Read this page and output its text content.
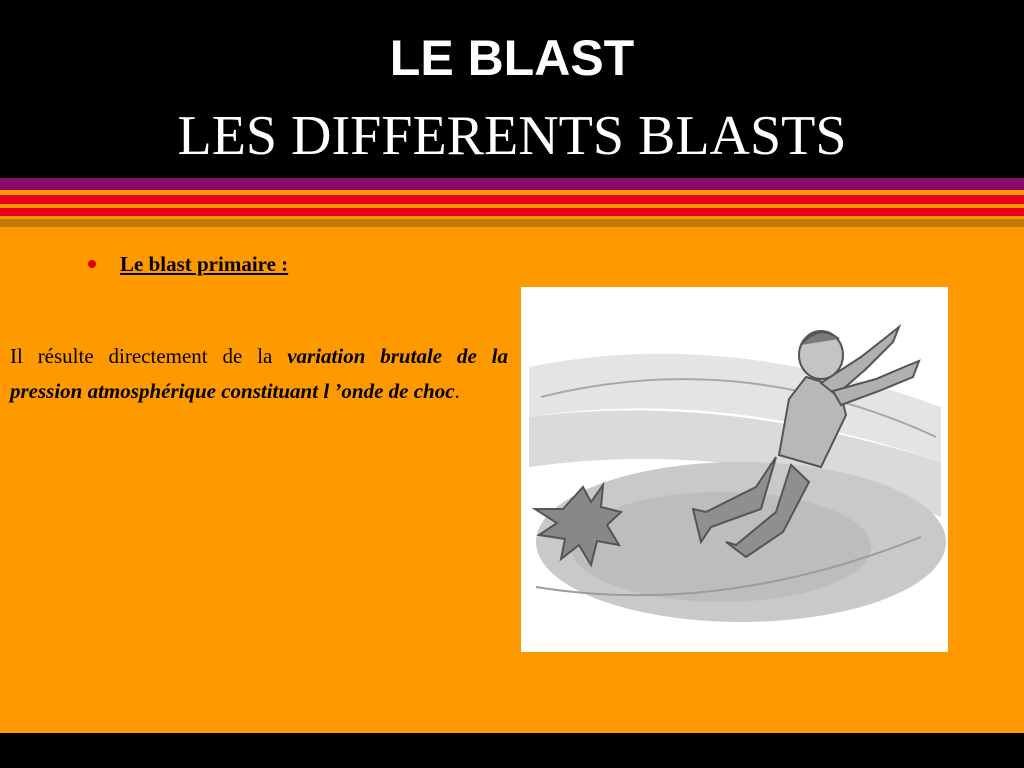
LE BLAST
LES DIFFERENTS BLASTS
Le blast primaire :

Il résulte directement de la variation brutale de la pression atmosphérique constituant l ’onde de choc.
